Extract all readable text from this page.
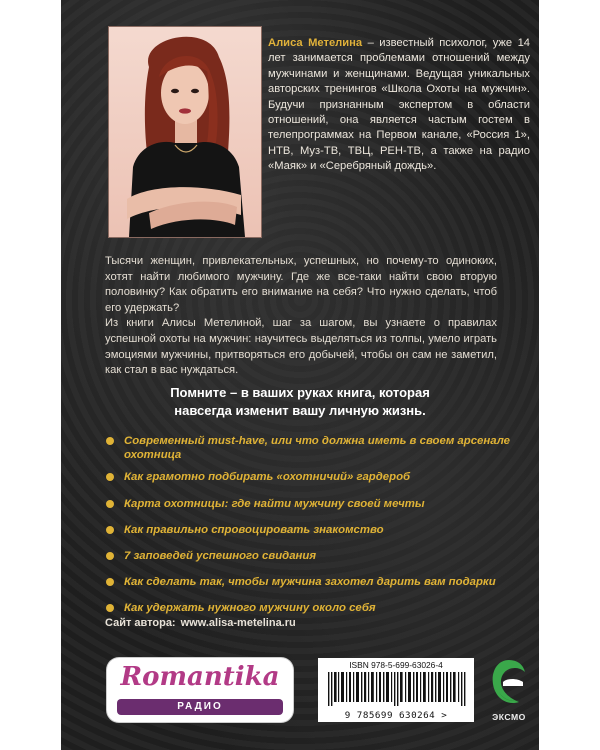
Алиса Метелина – известный психолог, уже 14 лет занимается проблемами отношений между мужчинами и женщинами. Ведущая уникальных авторских тренингов «Школа Охоты на мужчин». Будучи признанным экспертом в области отношений, она является частым гостем в телепрограммах на Первом канале, «Россия 1», НТВ, Муз-ТВ, ТВЦ, РЕН-ТВ, а также на радио «Маяк» и «Серебряный дождь».

Тысячи женщин, привлекательных, успешных, но почему-то одиноких, хотят найти любимого мужчину. Где же все-таки найти свою вторую половинку? Как обратить его внимание на себя? Что нужно сделать, чтоб его удержать?

Из книги Алисы Метелиной, шаг за шагом, вы узнаете о правилах успешной охоты на мужчин: научитесь выделяться из толпы, умело играть эмоциями мужчины, притворяться его добычей, чтобы он сам не заметил, как стал в вас нуждаться.

Помните – в ваших руках книга, которая навсегда изменит вашу личную жизнь.
Современный must-have, или что должна иметь в своем арсенале охотница
Как грамотно подбирать «охотничий» гардероб
Карта охотницы: где найти мужчину своей мечты
Как правильно спровоцировать знакомство
7 заповедей успешного свидания
Как сделать так, чтобы мужчина захотел дарить вам подарки
Как удержать нужного мужчину около себя
Сайт автора: www.alisa-metelina.ru
Romantika
РАДИО
ISBN 978-5-699-63026-4
9 785699 630264 >	ЭКСМО
